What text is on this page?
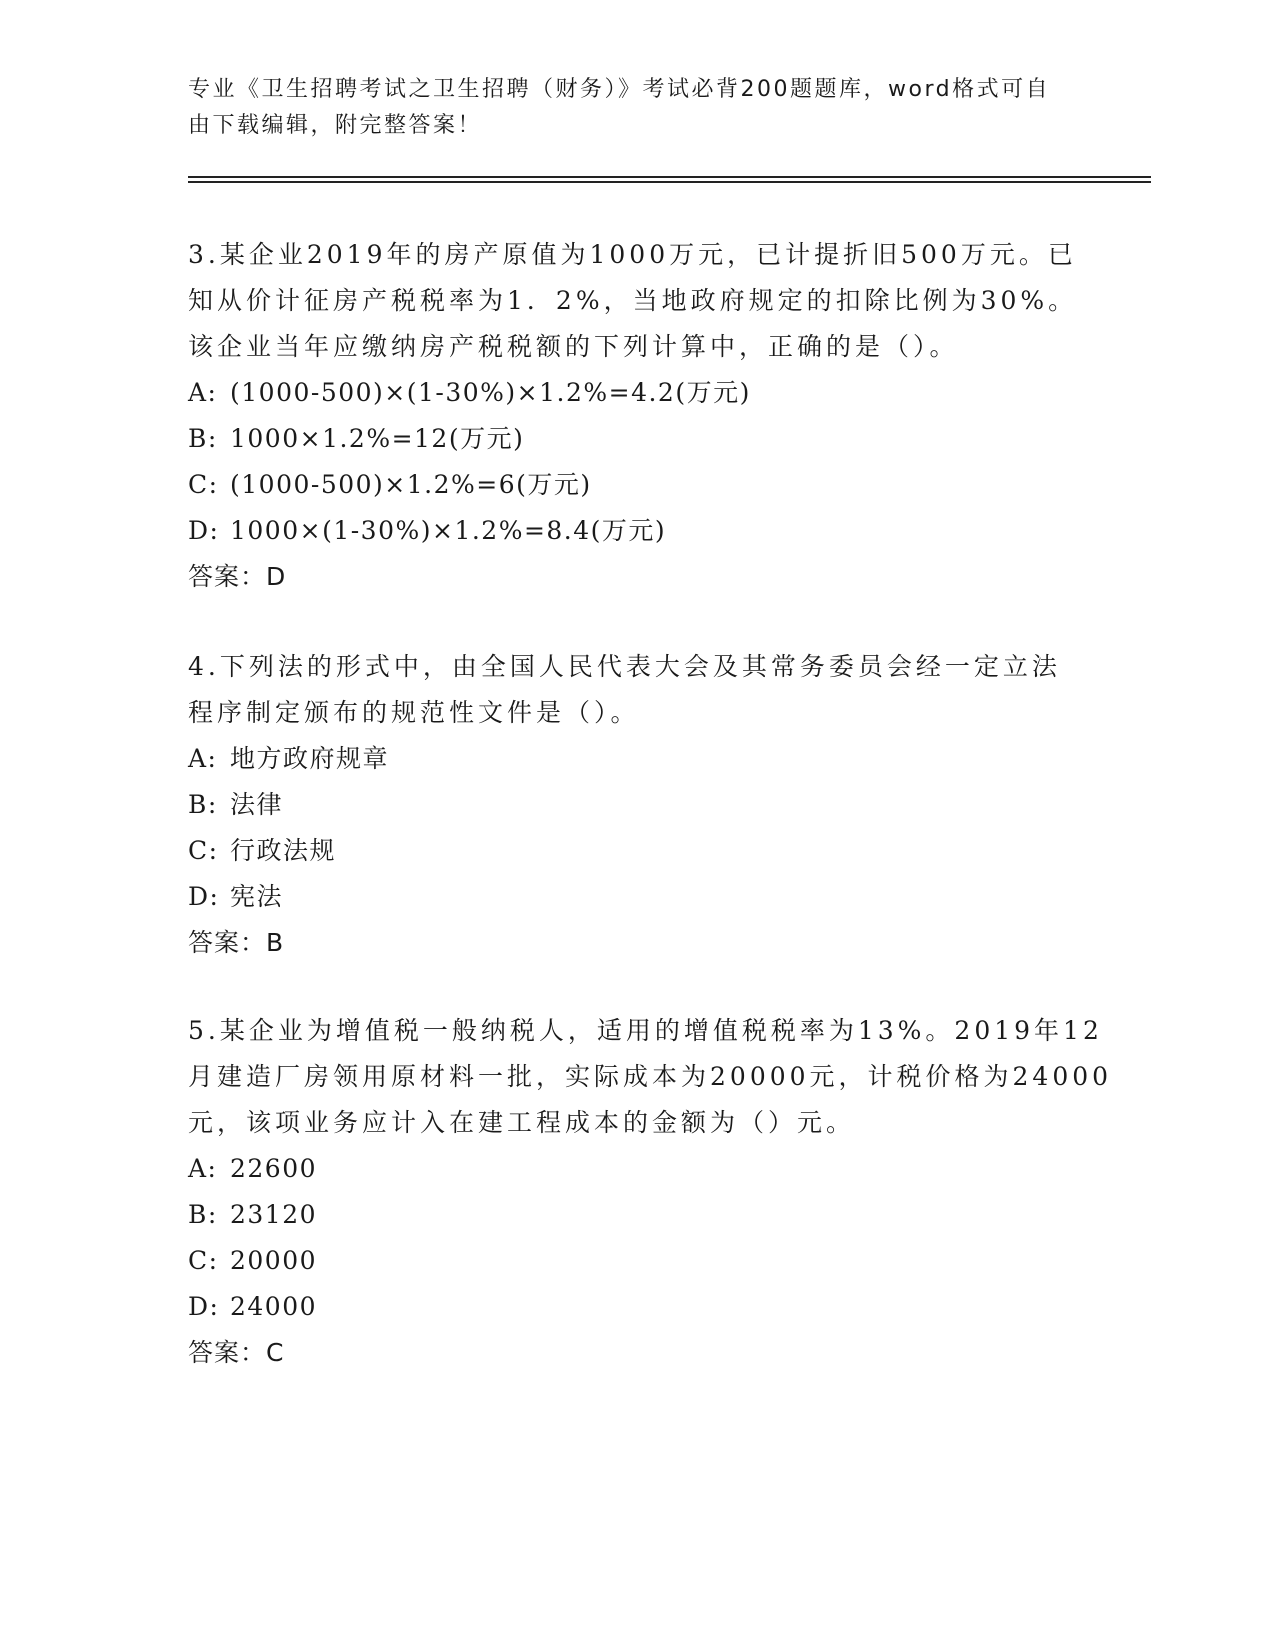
专业《卫生招聘考试之卫生招聘（财务）》考试必背200题题库，word格式可自
由下载编辑，附完整答案！
3.某企业2019年的房产原值为1000万元，已计提折旧500万元。已
知从价计征房产税税率为1．2%，当地政府规定的扣除比例为30%。
该企业当年应缴纳房产税税额的下列计算中，正确的是（）。
A: (1000-500)×(1-30%)×1.2%=4.2(万元)
B: 1000×1.2%=12(万元)
C: (1000-500)×1.2%=6(万元)
D: 1000×(1-30%)×1.2%=8.4(万元)
答案：D
4.下列法的形式中，由全国人民代表大会及其常务委员会经一定立法
程序制定颁布的规范性文件是（）。
A: 地方政府规章
B: 法律
C: 行政法规
D: 宪法
答案：B
5.某企业为增值税一般纳税人，适用的增值税税率为13%。2019年12
月建造厂房领用原材料一批，实际成本为20000元，计税价格为24000
元，该项业务应计入在建工程成本的金额为（）元。
A: 22600
B: 23120
C: 20000
D: 24000
答案：C
